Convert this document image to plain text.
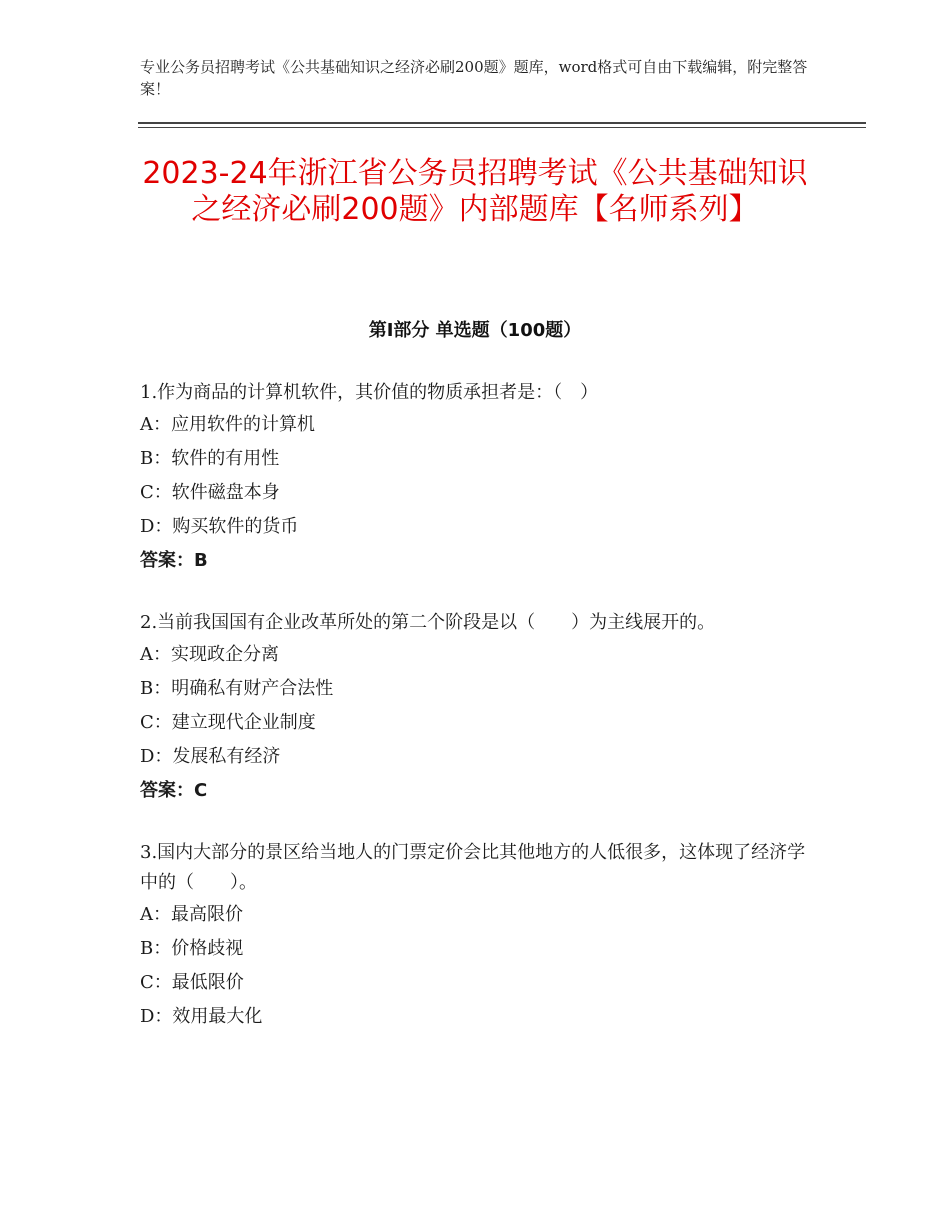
专业公务员招聘考试《公共基础知识之经济必刷200题》题库，word格式可自由下载编辑，附完整答案！
2023-24年浙江省公务员招聘考试《公共基础知识之经济必刷200题》内部题库【名师系列】
第Ⅰ部分 单选题（100题）

1.作为商品的计算机软件，其价值的物质承担者是：（　）

A：应用软件的计算机

B：软件的有用性

C：软件磁盘本身

D：购买软件的货币

答案：B

2.当前我国国有企业改革所处的第二个阶段是以（　　）为主线展开的。

A：实现政企分离

B：明确私有财产合法性

C：建立现代企业制度

D：发展私有经济

答案：C

3.国内大部分的景区给当地人的门票定价会比其他地方的人低很多，这体现了经济学中的（　　）。

A：最高限价

B：价格歧视

C：最低限价

D：效用最大化
